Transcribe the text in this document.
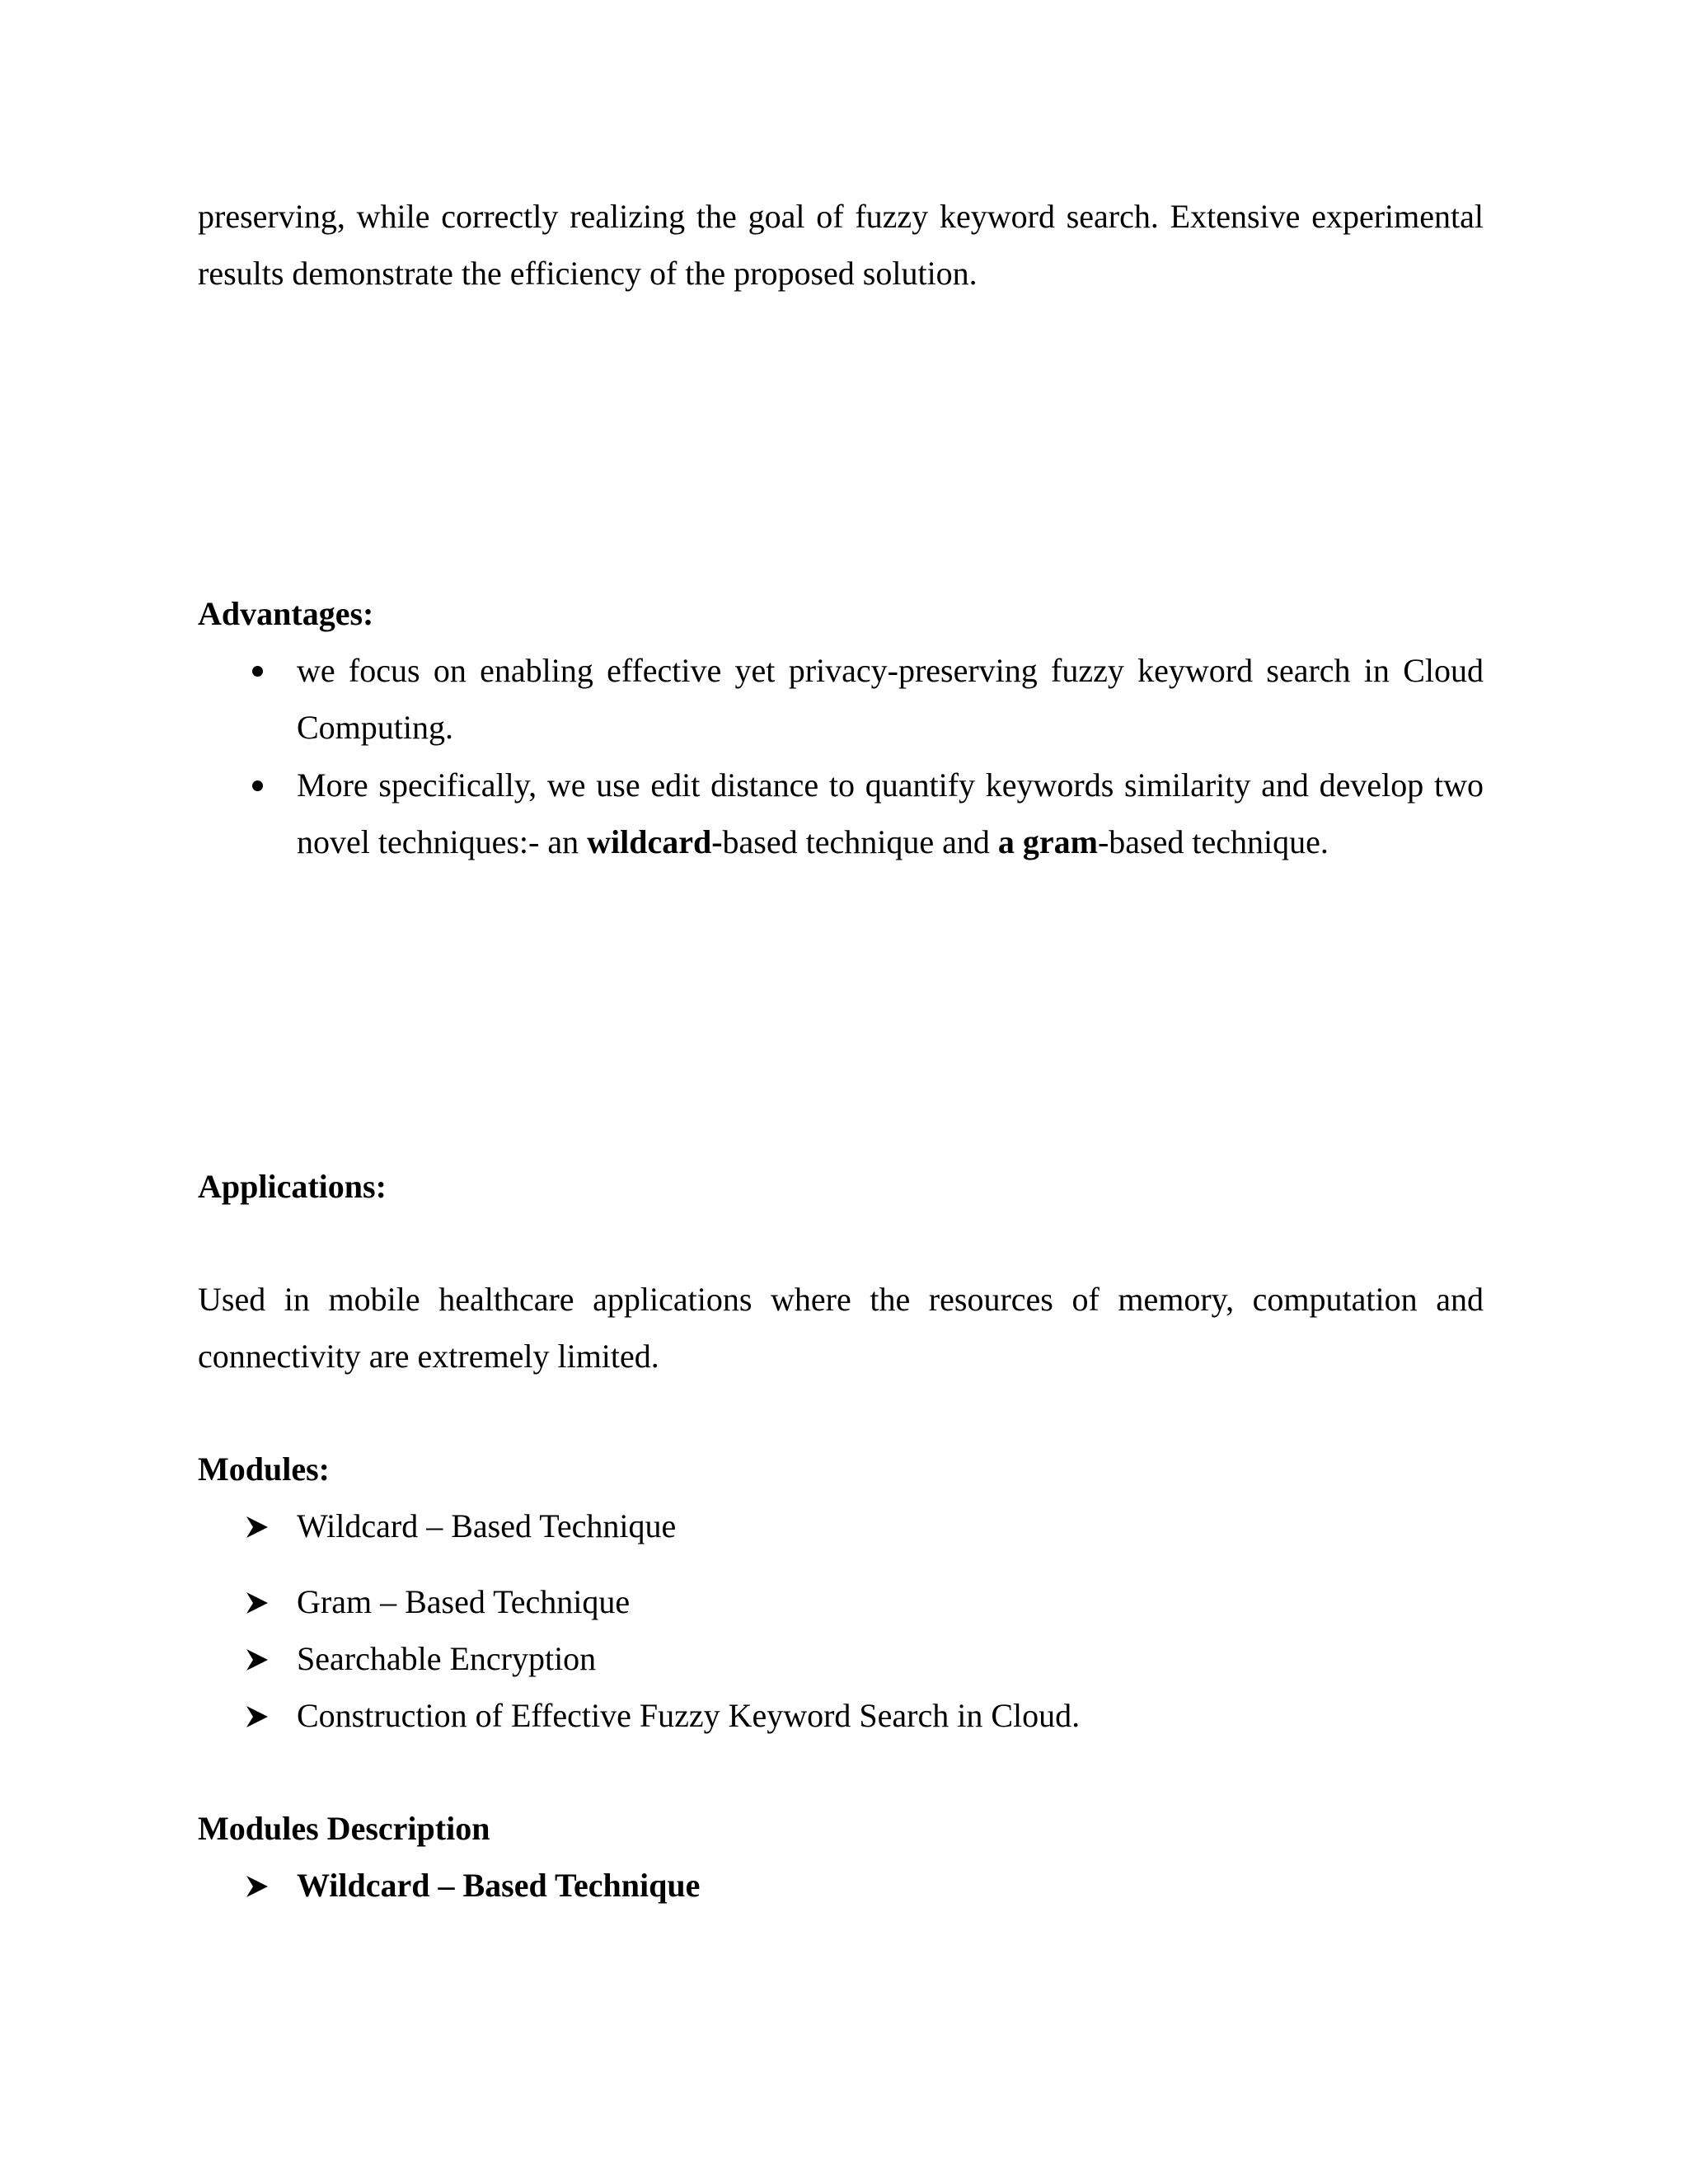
preserving, while correctly realizing the goal of fuzzy keyword search. Extensive experimental

results demonstrate the efficiency of the proposed solution.

Advantages:

we focus on enabling effective yet privacy-preserving fuzzy keyword search in Cloud Computing.
More specifically, we use edit distance to quantify keywords similarity and develop two novel techniques:- an wildcard-based technique and a gram-based technique.

Applications:

Used in mobile healthcare applications where the resources of memory, computation and connectivity are extremely limited.

Modules:

Wildcard – Based Technique
Gram – Based Technique
Searchable Encryption
Construction of Effective Fuzzy Keyword Search in Cloud.

Modules Description

Wildcard – Based Technique
